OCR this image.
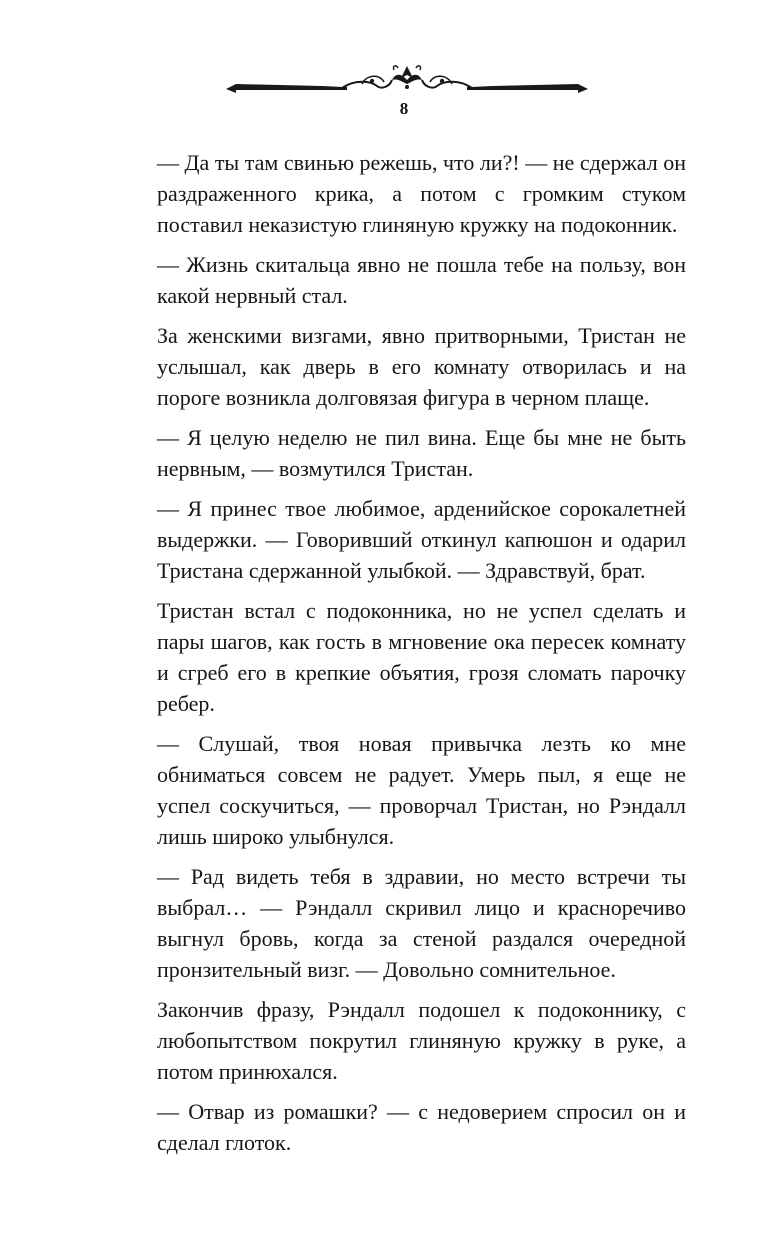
8

— Да ты там свинью режешь, что ли?! — не сдержал он раздраженного крика, а потом с громким стуком поставил неказистую глиняную кружку на подоконник.

— Жизнь скитальца явно не пошла тебе на пользу, вон какой нервный стал.

За женскими визгами, явно притворными, Тристан не услышал, как дверь в его комнату отворилась и на пороге возникла долговязая фигура в черном плаще.

— Я целую неделю не пил вина. Еще бы мне не быть нервным, — возмутился Тристан.

— Я принес твое любимое, арденийское сорокалетней выдержки. — Говоривший откинул капюшон и одарил Тристана сдержанной улыбкой. — Здравствуй, брат.

Тристан встал с подоконника, но не успел сделать и пары шагов, как гость в мгновение ока пересек комнату и сгреб его в крепкие объятия, грозя сломать парочку ребер.

— Слушай, твоя новая привычка лезть ко мне обниматься совсем не радует. Умерь пыл, я еще не успел соскучиться, — проворчал Тристан, но Рэндалл лишь широко улыбнулся.

— Рад видеть тебя в здравии, но место встречи ты выбрал… — Рэндалл скривил лицо и красноречиво выгнул бровь, когда за стеной раздался очередной пронзительный визг. — Довольно сомнительное.

Закончив фразу, Рэндалл подошел к подоконнику, с любопытством покрутил глиняную кружку в руке, а потом принюхался.

— Отвар из ромашки? — с недоверием спросил он и сделал глоток.
